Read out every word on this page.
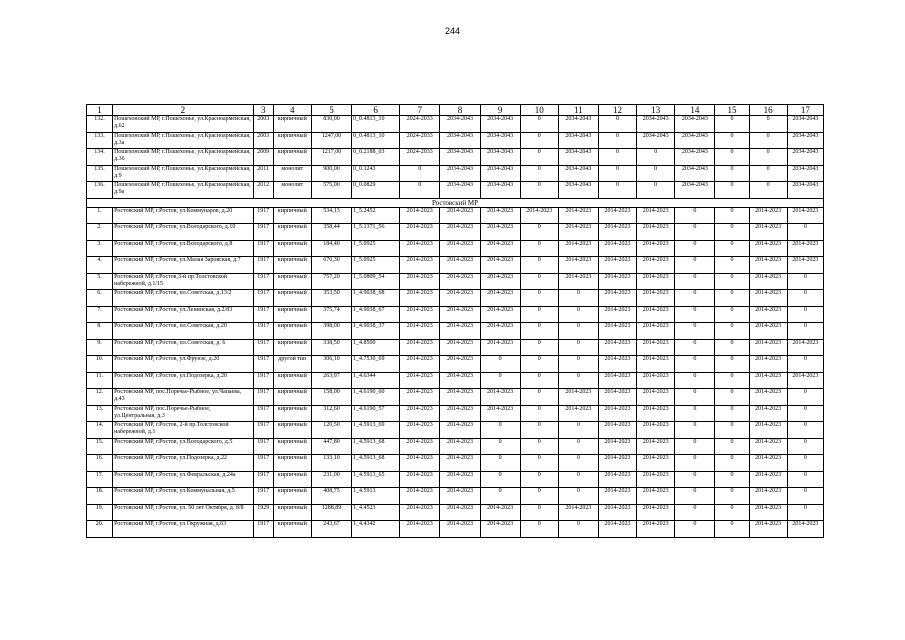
244
1	2	3	4	5	6	7	8	9	10	11	12	13	14	15	16	17
132.	Пошехонский МР, г.Пошехонье, ул.Красноармейская, д.62	2003	кирпичный	830,00	0_0.4813_10	2024-2033	2034-2043	2034-2043	0	2034-2043	0	2034-2043	2034-2043	0	0	2034-2043
133.	Пошехонский МР, г.Пошехонье, ул.Красноармейская, д.3а	2003	кирпичный	1247,00	0_0.4813_10	2024-2033	2034-2043	2034-2043	0	2034-2043	0	2034-2043	2034-2043	0	0	2034-2043
134.	Пошехонский МР, г.Пошехонье, ул.Красноармейская, д.36	2009	кирпичный	1217,00	0_0.2188_03	2024-2033	2034-2043	2034-2043	0	2034-2043	0	0	2034-2043	0	0	2034-2043
135.	Пошехонский МР, г.Пошехонье, ул.Красноармейская, д.9	2011	монолит	900,00	0_0.1243	0	2034-2043	2034-2043	0	2034-2043	0	0	2034-2043	0	0	2034-2043
136.	Пошехонский МР, г.Пошехонье, ул.Красноармейская, д.9а	2012	монолит	575,00	0_0.0829	0	2034-2043	2034-2043	0	2034-2043	0	0	2034-2043	0	0	2034-2043
Ростовский МР																
1.	Ростовский МР, г.Ростов, ул.Коммунаров, д.20	1917	кирпичный	534,13	1_5.2452	2014-2023	2014-2023	2014-2023	2014-2023	2014-2023	2014-2023	2014-2023	0	0	2014-2023	2014-2023
2.	Ростовский МР, г.Ростов, ул.Володарского, д.10	1917	кирпичный	358,44	1_5.1371_56	2014-2023	2014-2023	2014-2023	0	2014-2023	2014-2023	2014-2023	0	0	2014-2023	0
3.	Ростовский МР, г.Ростов, ул.Володарского, д.8	1917	кирпичный	184,40	1_5.0925	2014-2023	2014-2023	2014-2023	0	2014-2023	2014-2023	2014-2023	0	0	2014-2023	2014-2023
4.	Ростовский МР, г.Ростов, ул.Малая Заровская, д.7	1917	кирпичный	670,30	1_5.0925	2014-2023	2014-2023	2014-2023	0	2014-2023	2014-2023	2014-2023	0	0	2014-2023	2014-2023
5.	Ростовский МР, г.Ростов,3-й пр.Толстовской набережной, д.1/15	1917	кирпичный	757,20	1_5.0809_54	2014-2023	2014-2023	2014-2023	0	2014-2023	2014-2023	2014-2023	0	0	2014-2023	0
6.	Ростовский МР, г.Ростов, пл.Советская, д.13/2	1917	кирпичный	353,50	1_4.9038_68	2014-2023	2014-2023	2014-2023	0	0	2014-2023	2014-2023	0	0	2014-2023	0
7.	Ростовский МР, г.Ростов, ул.Ленинская, д.2/83	1917	кирпичный	375,74	1_4.9038_67	2014-2023	2014-2023	2014-2023	0	0	2014-2023	2014-2023	0	0	2014-2023	0
8.	Ростовский МР, г.Ростов, пл.Советская, д.20	1917	кирпичный	398,00	1_4.9038_37	2014-2023	2014-2023	2014-2023	0	0	2014-2023	2014-2023	0	0	2014-2023	0
9.	Ростовский МР, г.Ростов, пл.Советская, д. 6	1917	кирпичный	338,50	1_4.8500	2014-2023	2014-2023	2014-2023	0	0	2014-2023	2014-2023	0	0	2014-2023	2014-2023
10.	Ростовский МР, г.Ростов, ул.Фрунзе, д.20	1917	другой тип	306,10	1_4.7530_69	2014-2023	2014-2023	0	0	0	2014-2023	2014-2023	0	0	2014-2023	0
11.	Ростовский МР, г.Ростов, ул.Подозерка, д.20	1917	кирпичный	263,97	1_4.6344	2014-2023	2014-2023	0	0	0	2014-2023	2014-2023	0	0	2014-2023	2014-2023
12.	Ростовский МР, пос.Поречье-Рыбное, ул.Чапаева, д.43	1917	кирпичный	158,00	1_4.6190_60	2014-2023	2014-2023	2014-2023	0	2014-2023	2014-2023	2014-2023	0	0	2014-2023	0
13.	Ростовский МР, пос.Поречье-Рыбное, ул.Центральная, д.3	1917	кирпичный	312,60	1_4.6190_57	2014-2023	2014-2023	2014-2023	0	2014-2023	2014-2023	2014-2023	0	0	2014-2023	0
14.	Ростовский МР, г.Ростов, 2-й пр.Толстовской набережной, д.1	1917	кирпичный	120,50	1_4.5913_69	2014-2023	2014-2023	0	0	0	2014-2023	2014-2023	0	0	2014-2023	0
15.	Ростовский МР, г.Ростов, ул.Володарского, д.5	1917	кирпичный	447,80	1_4.5913_68	2014-2023	2014-2023	0	0	0	2014-2023	2014-2023	0	0	2014-2023	0
16.	Ростовский МР, г.Ростов, ул.Подозерка, д.22	1917	кирпичный	133,10	1_4.5913_68	2014-2023	2014-2023	0	0	0	2014-2023	2014-2023	0	0	2014-2023	0
17.	Ростовский МР, г.Ростов, ул.Февральская, д.24а	1917	кирпичный	231,00	1_4.5913_65	2014-2023	2014-2023	0	0	0	2014-2023	2014-2023	0	0	2014-2023	0
18.	Ростовский МР, г.Ростов, ул.Коммунальная, д.5	1917	кирпичный	408,75	1_4.5913	2014-2023	2014-2023	0	0	0	2014-2023	2014-2023	0	0	2014-2023	0
19.	Ростовский МР, г.Ростов, ул. 50 лет Октября, д. 8/8	1929	кирпичный	1288,89	1_4.4523	2014-2023	2014-2023	2014-2023	0	2014-2023	2014-2023	2014-2023	0	0	2014-2023	0
20.	Ростовский МР, г.Ростов, ул.Окружная, д.63	1917	кирпичный	243,67	1_4.4342	2014-2023	2014-2023	2014-2023	0	0	2014-2023	2014-2023	0	0	2014-2023	2014-2023
